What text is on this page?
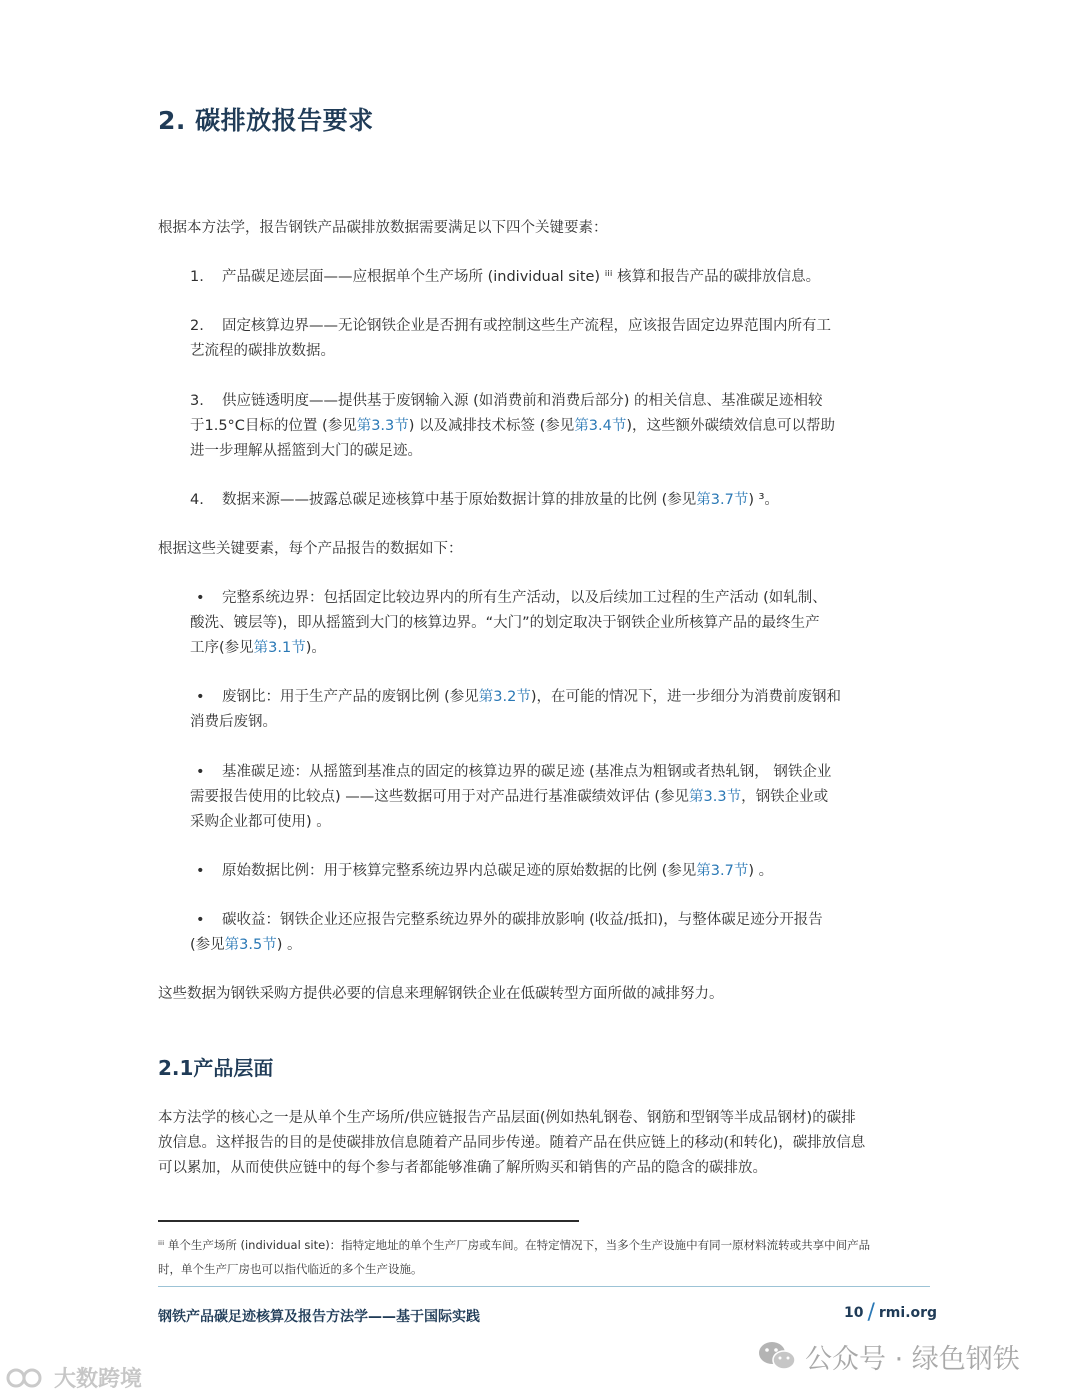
2. 碳排放报告要求

根据本方法学，报告钢铁产品碳排放数据需要满足以下四个关键要素：

1. 产品碳足迹层面——应根据单个生产场所 (individual site) ⁱⁱⁱ 核算和报告产品的碳排放信息。

2. 固定核算边界——无论钢铁企业是否拥有或控制这些生产流程，应该报告固定边界范围内所有工
艺流程的碳排放数据。

3. 供应链透明度——提供基于废钢输入源 (如消费前和消费后部分) 的相关信息、基准碳足迹相较
于1.5°C目标的位置 (参见第3.3节) 以及减排技术标签 (参见第3.4节)，这些额外碳绩效信息可以帮助
进一步理解从摇篮到大门的碳足迹。

4. 数据来源——披露总碳足迹核算中基于原始数据计算的排放量的比例 (参见第3.7节) ³。

根据这些关键要素，每个产品报告的数据如下：

• 完整系统边界：包括固定比较边界内的所有生产活动，以及后续加工过程的生产活动 (如轧制、
酸洗、镀层等)，即从摇篮到大门的核算边界。“大门”的划定取决于钢铁企业所核算产品的最终生产
工序(参见第3.1节)。

• 废钢比：用于生产产品的废钢比例 (参见第3.2节)，在可能的情况下，进一步细分为消费前废钢和
消费后废钢。

• 基准碳足迹：从摇篮到基准点的固定的核算边界的碳足迹 (基准点为粗钢或者热轧钢， 钢铁企业
需要报告使用的比较点) ——这些数据可用于对产品进行基准碳绩效评估 (参见第3.3节，钢铁企业或
采购企业都可使用) 。

• 原始数据比例：用于核算完整系统边界内总碳足迹的原始数据的比例 (参见第3.7节) 。

• 碳收益：钢铁企业还应报告完整系统边界外的碳排放影响 (收益/抵扣)，与整体碳足迹分开报告
(参见第3.5节) 。

这些数据为钢铁采购方提供必要的信息来理解钢铁企业在低碳转型方面所做的减排努力。

2.1产品层面

本方法学的核心之一是从单个生产场所/供应链报告产品层面(例如热轧钢卷、钢筋和型钢等半成品钢材)的碳排
放信息。这样报告的目的是使碳排放信息随着产品同步传递。随着产品在供应链上的移动(和转化)，碳排放信息
可以累加，从而使供应链中的每个参与者都能够准确了解所购买和销售的产品的隐含的碳排放。

ⁱⁱⁱ 单个生产场所 (individual site)：指特定地址的单个生产厂房或车间。在特定情况下，当多个生产设施中有同一原材料流转或共享中间产品
时，单个生产厂房也可以指代临近的多个生产设施。
钢铁产品碳足迹核算及报告方法学——基于国际实践	10 / rmi.org
公众号 · 绿色钢铁
大数跨境
